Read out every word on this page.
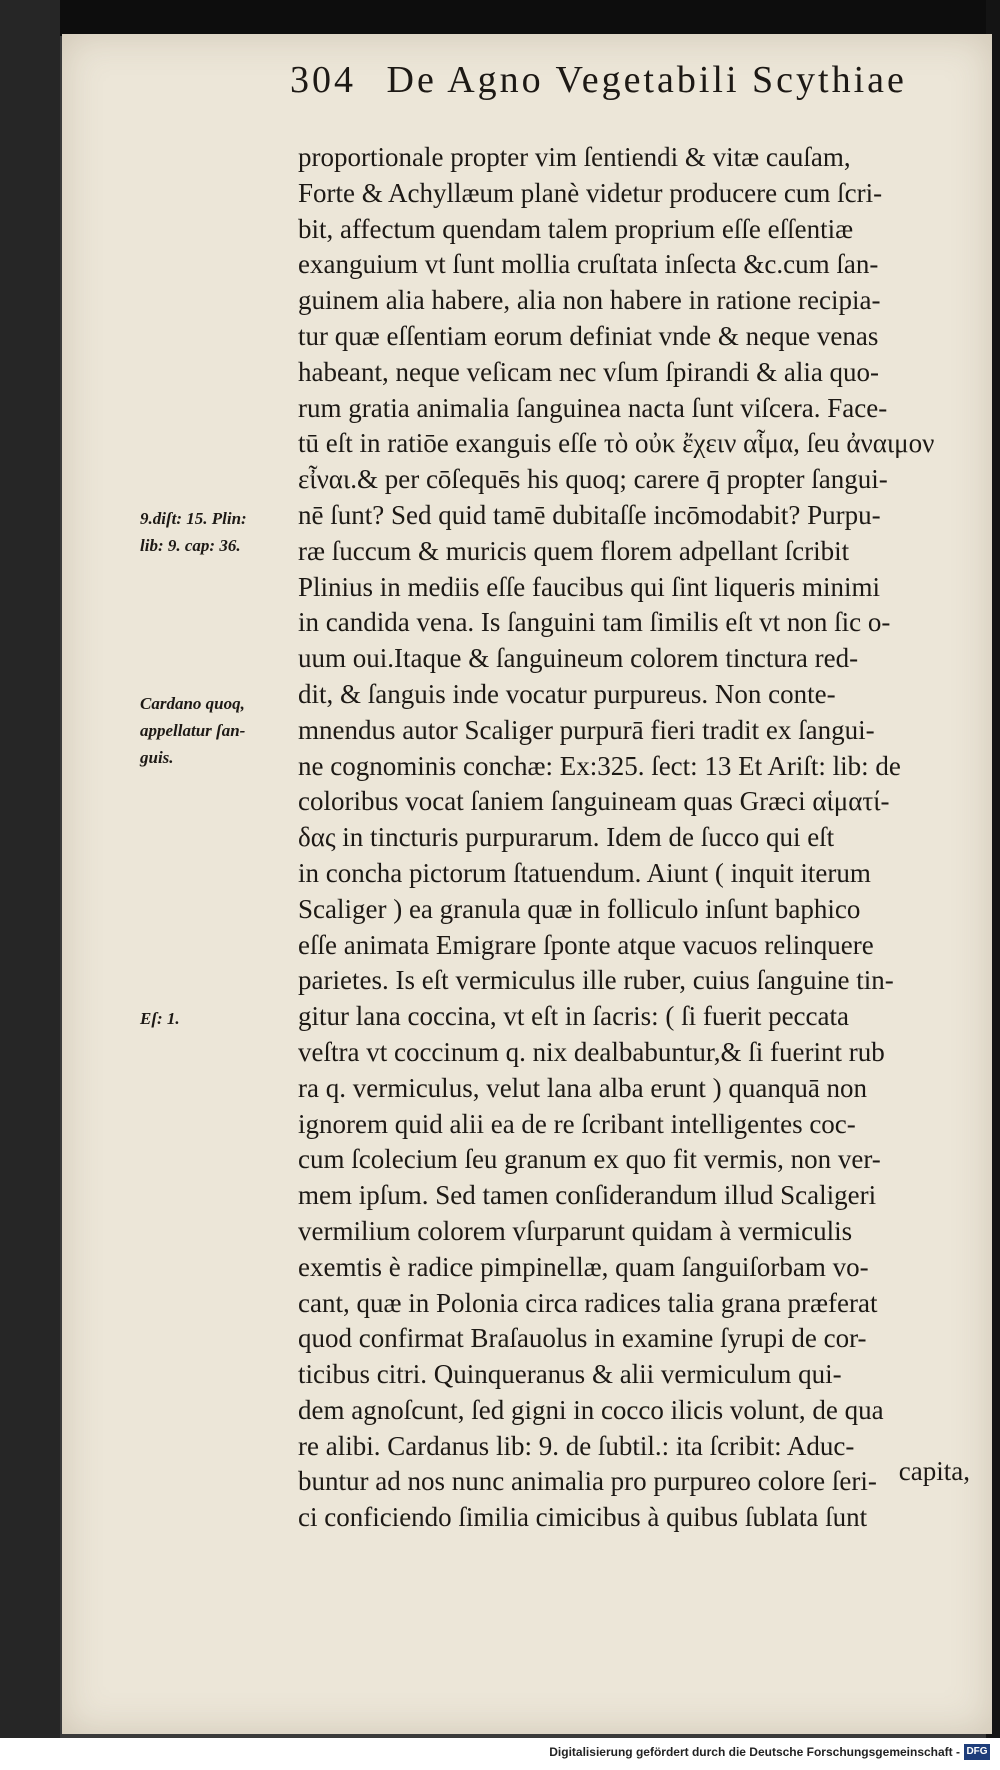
304 De Agno Vegetabili Scythiae
9.diſt: 15. Plin:
lib: 9. cap: 36.
Cardano quoq,
appellatur ſan-
guis.
Eſ: 1.
proportionale propter vim ſentiendi & vitæ cauſam,
Forte & Achyllæum planè videtur producere cum ſcri-
bit, affectum quendam talem proprium eſſe eſſentiæ
exanguium vt ſunt mollia cruſtata inſecta &c.cum ſan-
guinem alia habere, alia non habere in ratione recipia-
tur quæ eſſentiam eorum definiat vnde & neque venas
habeant, neque veſicam nec vſum ſpirandi & alia quo-
rum gratia animalia ſanguinea nacta ſunt viſcera. Face-
tū eſt in ratiōe exanguis eſſe τὸ οὐκ ἔχειν αἷμα, ſeu ἀναιμον
εἶναι.& per cōſequēs his quoq; carere q̄ propter ſangui-
nē ſunt? Sed quid tamē dubitaſſe incōmodabit? Purpu-
ræ ſuccum & muricis quem florem adpellant ſcribit
Plinius in mediis eſſe faucibus qui ſint liqueris minimi
in candida vena. Is ſanguini tam ſimilis eſt vt non ſic o-
uum oui.Itaque & ſanguineum colorem tinctura red-
dit, & ſanguis inde vocatur purpureus. Non conte-
mnendus autor Scaliger purpurā fieri tradit ex ſangui-
ne cognominis conchæ: Ex:325. ſect: 13 Et Ariſt: lib: de
coloribus vocat ſaniem ſanguineam quas Græci αἱματί-
δας in tincturis purpurarum. Idem de ſucco qui eſt
in concha pictorum ſtatuendum. Aiunt ( inquit iterum
Scaliger ) ea granula quæ in folliculo inſunt baphico
eſſe animata Emigrare ſponte atque vacuos relinquere
parietes. Is eſt vermiculus ille ruber, cuius ſanguine tin-
gitur lana coccina, vt eſt in ſacris: ( ſi fuerit peccata
veſtra vt coccinum q. nix dealbabuntur,& ſi fuerint rub
ra q. vermiculus, velut lana alba erunt ) quanquā non
ignorem quid alii ea de re ſcribant intelligentes coc-
cum ſcolecium ſeu granum ex quo fit vermis, non ver-
mem ipſum. Sed tamen conſiderandum illud Scaligeri
vermilium colorem vſurparunt quidam à vermiculis
exemtis è radice pimpinellæ, quam ſanguiſorbam vo-
cant, quæ in Polonia circa radices talia grana præferat
quod confirmat Braſauolus in examine ſyrupi de cor-
ticibus citri. Quinqueranus & alii vermiculum qui-
dem agnoſcunt, ſed gigni in cocco ilicis volunt, de qua
re alibi. Cardanus lib: 9. de ſubtil.: ita ſcribit: Aduc-
buntur ad nos nunc animalia pro purpureo colore ſeri-
ci conficiendo ſimilia cimicibus à quibus ſublata ſunt
capita,
Digitalisierung gefördert durch die Deutsche Forschungsgemeinschaft - DFG
